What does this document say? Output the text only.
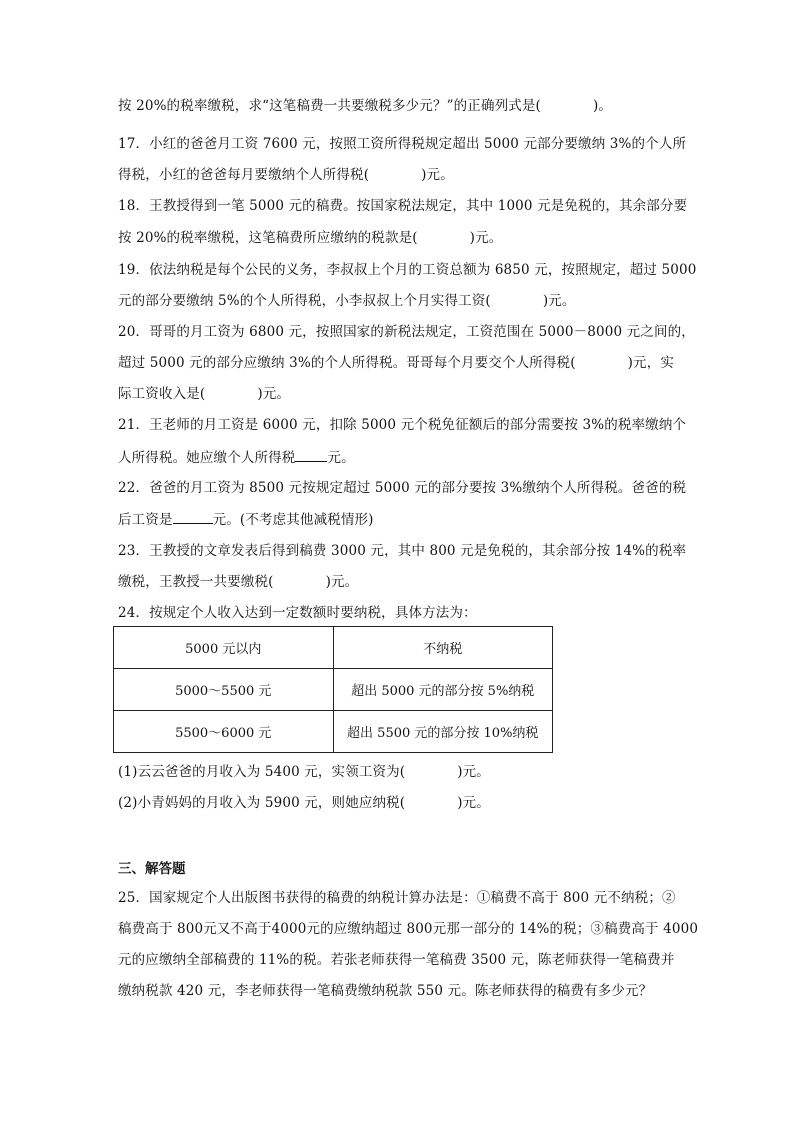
按 20%的税率缴税，求“这笔稿费一共要缴税多少元？”的正确列式是(	)。
17．小红的爸爸月工资 7600 元，按照工资所得税规定超出 5000 元部分要缴纳 3%的个人所
得税，小红的爸爸每月要缴纳个人所得税(	)元。
18．王教授得到一笔 5000 元的稿费。按国家税法规定，其中 1000 元是免税的，其余部分要
按 20%的税率缴税，这笔稿费所应缴纳的税款是(	)元。
19．依法纳税是每个公民的义务，李叔叔上个月的工资总额为 6850 元，按照规定，超过 5000
元的部分要缴纳 5%的个人所得税，小李叔叔上个月实得工资(	)元。
20．哥哥的月工资为 6800 元，按照国家的新税法规定，工资范围在 5000－8000 元之间的，
超过 5000 元的部分应缴纳 3%的个人所得税。哥哥每个月要交个人所得税(	)元，实
际工资收入是(	)元。
21．王老师的月工资是 6000 元，扣除 5000 元个税免征额后的部分需要按 3%的税率缴纳个
人所得税。她应缴个人所得税 元。
22．爸爸的月工资为 8500 元按规定超过 5000 元的部分要按 3%缴纳个人所得税。爸爸的税
后工资是	元。(不考虑其他减税情形)
23．王教授的文章发表后得到稿费 3000 元，其中 800 元是免税的，其余部分按 14%的税率
缴税，王教授一共要缴税(	)元。
24．按规定个人收入达到一定数额时要纳税，具体方法为：
5000 元以内	不纳税
5000～5500 元	超出 5000 元的部分按 5%纳税
5500～6000 元	超出 5500 元的部分按 10%纳税
(1)云云爸爸的月收入为 5400 元，实领工资为(	)元。
(2)小青妈妈的月收入为 5900 元，则她应纳税(	)元。
三、解答题
25．国家规定个人出版图书获得的稿费的纳税计算办法是：①稿费不高于 800 元不纳税；②
稿费高于 800元又不高于4000元的应缴纳超过 800元那一部分的 14%的税；③稿费高于 4000
元的应缴纳全部稿费的 11%的税。若张老师获得一笔稿费 3500 元，陈老师获得一笔稿费并
缴纳税款 420 元，李老师获得一笔稿费缴纳税款 550 元。陈老师获得的稿费有多少元？
